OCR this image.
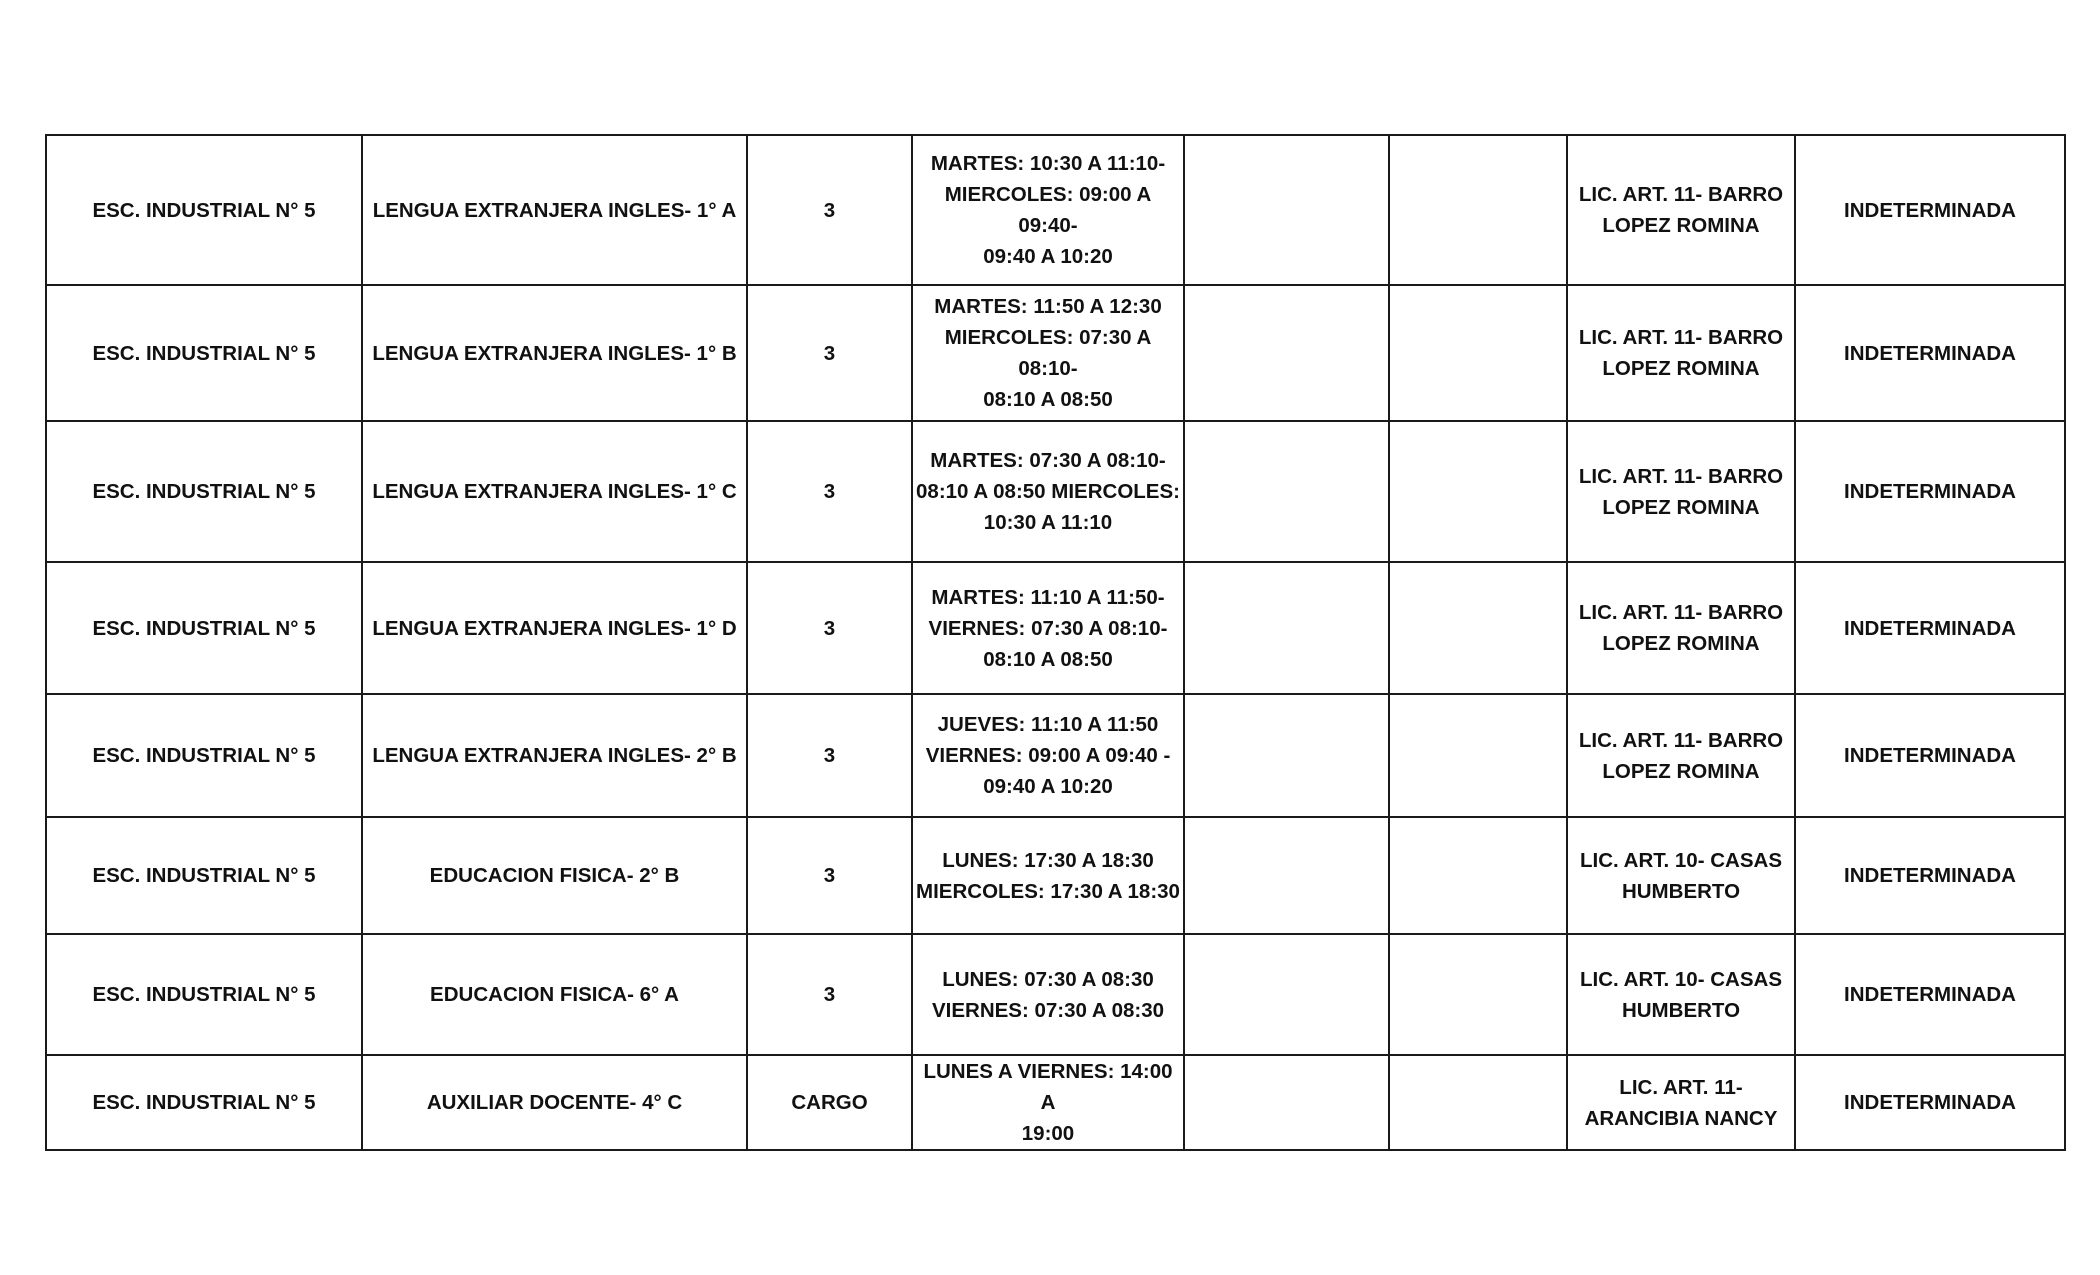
ESC. INDUSTRIAL N° 5	LENGUA EXTRANJERA INGLES- 1° A	3	MARTES: 10:30 A 11:10-
MIERCOLES: 09:00 A 09:40-
09:40 A 10:20			LIC. ART. 11- BARRO
LOPEZ ROMINA	INDETERMINADA
ESC. INDUSTRIAL N° 5	LENGUA EXTRANJERA INGLES- 1° B	3	MARTES: 11:50 A 12:30
MIERCOLES: 07:30 A 08:10-
08:10 A 08:50			LIC. ART. 11- BARRO
LOPEZ ROMINA	INDETERMINADA
ESC. INDUSTRIAL N° 5	LENGUA EXTRANJERA INGLES- 1° C	3	MARTES: 07:30 A 08:10-
08:10 A 08:50 MIERCOLES:
10:30 A 11:10			LIC. ART. 11- BARRO
LOPEZ ROMINA	INDETERMINADA
ESC. INDUSTRIAL N° 5	LENGUA EXTRANJERA INGLES- 1° D	3	MARTES: 11:10 A 11:50-
VIERNES: 07:30 A 08:10-
08:10 A 08:50			LIC. ART. 11- BARRO
LOPEZ ROMINA	INDETERMINADA
ESC. INDUSTRIAL N° 5	LENGUA EXTRANJERA INGLES- 2° B	3	JUEVES: 11:10 A 11:50
VIERNES: 09:00 A 09:40 -
09:40 A 10:20			LIC. ART. 11- BARRO
LOPEZ ROMINA	INDETERMINADA
ESC. INDUSTRIAL N° 5	EDUCACION FISICA- 2° B	3	LUNES: 17:30 A 18:30
MIERCOLES: 17:30 A 18:30			LIC. ART. 10- CASAS
HUMBERTO	INDETERMINADA
ESC. INDUSTRIAL N° 5	EDUCACION FISICA- 6° A	3	LUNES: 07:30 A 08:30
VIERNES: 07:30 A 08:30			LIC. ART. 10- CASAS
HUMBERTO	INDETERMINADA
ESC. INDUSTRIAL N° 5	AUXILIAR DOCENTE- 4° C	CARGO	LUNES A VIERNES: 14:00 A
19:00			LIC. ART. 11-
ARANCIBIA NANCY	INDETERMINADA
